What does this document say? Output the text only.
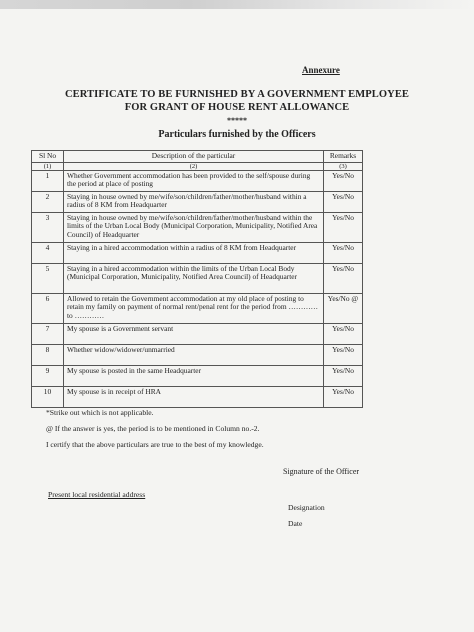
Annexure
CERTIFICATE TO BE FURNISHED BY A GOVERNMENT EMPLOYEE
FOR GRANT OF HOUSE RENT ALLOWANCE
*****
Particulars furnished by the Officers
Sl No	Description of the particular	Remarks
(1)	(2)	(3)
1	Whether Government accommodation has been provided to the self/spouse during the period at place of posting	Yes/No
2	Staying in house owned by me/wife/son/children/father/mother/husband within a radius of 8 KM from Headquarter	Yes/No
3	Staying in house owned by me/wife/son/children/father/mother/husband within the limits of the Urban Local Body (Municipal Corporation, Municipality, Notified Area Council) of Headquarter	Yes/No
4	Staying in a hired accommodation within a radius of 8 KM from Headquarter	Yes/No
5	Staying in a hired accommodation within the limits of the Urban Local Body (Municipal Corporation, Municipality, Notified Area Council) of Headquarter	Yes/No
6	Allowed to retain the Government accommodation at my old place of posting to retain my family on payment of normal rent/penal rent for the period from ………… to …………	Yes/No @
7	My spouse is a Government servant	Yes/No
8	Whether widow/widower/unmarried	Yes/No
9	My spouse is posted in the same Headquarter	Yes/No
10	My spouse is in receipt of HRA	Yes/No
*Strike out which is not applicable.
@ If the answer is yes, the period is to be mentioned in Column no.-2.
I certify that the above particulars are true to the best of my knowledge.
Signature of the Officer
Present local residential address
Designation
Date
